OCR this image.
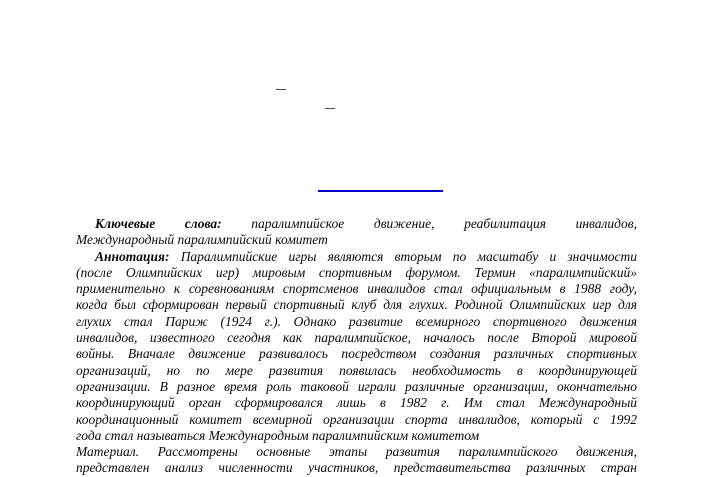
–
–
Ключевые слова: паралимпийское движение, реабилитация инвалидов,
Международный паралимпийский комитет
Аннотация: Паралимпийские игры являются вторым по масштабу и значимости
(после Олимпийских игр) мировым спортивным форумом. Термин «паралимпийский»
применительно к соревнованиям спортсменов инвалидов стал официальным в 1988 году,
когда был сформирован первый спортивный клуб для глухих. Родиной Олимпийских игр для
глухих стал Париж (1924 г.). Однако развитие всемирного спортивного движения
инвалидов, известного сегодня как паралимпийское, началось после Второй мировой
войны. Вначале движение развивалось посредством создания различных спортивных
организаций, но по мере развития появилась необходимость в координирующей
организации. В разное время роль таковой играли различные организации, окончательно
координирующий орган сформировался лишь в 1982 г. Им стал Международный
координационный комитет всемирной организации спорта инвалидов, который с 1992
года стал называться Международным паралимпийским комитетом
Материал. Рассмотрены основные этапы развития паралимпийского движения,
представлен анализ численности участников, представительства различных стран
